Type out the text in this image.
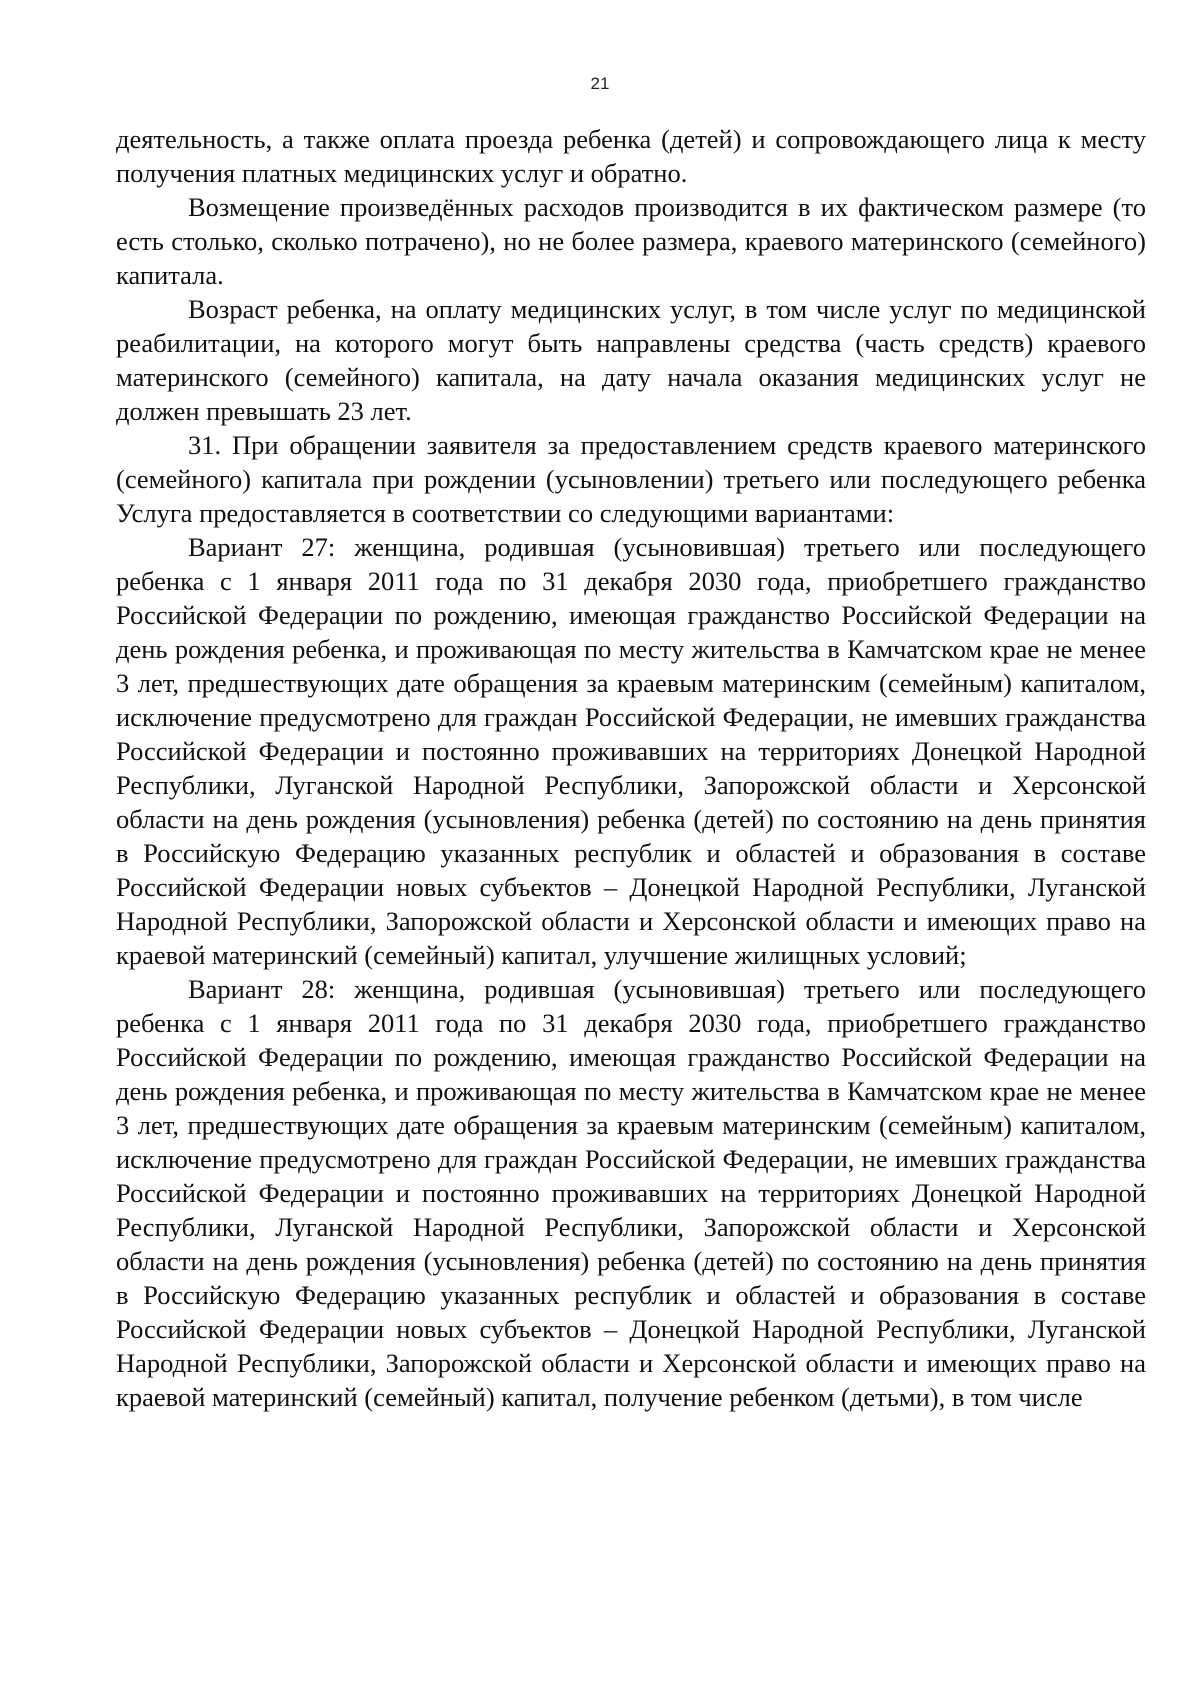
21

деятельность, а также оплата проезда ребенка (детей) и сопровождающего лица к месту получения платных медицинских услуг и обратно.

Возмещение произведённых расходов производится в их фактическом размере (то есть столько, сколько потрачено), но не более размера, краевого материнского (семейного) капитала.

Возраст ребенка, на оплату медицинских услуг, в том числе услуг по медицинской реабилитации, на которого могут быть направлены средства (часть средств) краевого материнского (семейного) капитала, на дату начала оказания медицинских услуг не должен превышать 23 лет.

31. При обращении заявителя за предоставлением средств краевого материнского (семейного) капитала при рождении (усыновлении) третьего или последующего ребенка Услуга предоставляется в соответствии со следующими вариантами:

Вариант 27: женщина, родившая (усыновившая) третьего или последующего ребенка с 1 января 2011 года по 31 декабря 2030 года, приобретшего гражданство Российской Федерации по рождению, имеющая гражданство Российской Федерации на день рождения ребенка, и проживающая по месту жительства в Камчатском крае не менее 3 лет, предшествующих дате обращения за краевым материнским (семейным) капиталом, исключение предусмотрено для граждан Российской Федерации, не имевших гражданства Российской Федерации и постоянно проживавших на территориях Донецкой Народной Республики, Луганской Народной Республики, Запорожской области и Херсонской области на день рождения (усыновления) ребенка (детей) по состоянию на день принятия в Российскую Федерацию указанных республик и областей и образования в составе Российской Федерации новых субъектов – Донецкой Народной Республики, Луганской Народной Республики, Запорожской области и Херсонской области и имеющих право на краевой материнский (семейный) капитал, улучшение жилищных условий;

Вариант 28: женщина, родившая (усыновившая) третьего или последующего ребенка с 1 января 2011 года по 31 декабря 2030 года, приобретшего гражданство Российской Федерации по рождению, имеющая гражданство Российской Федерации на день рождения ребенка, и проживающая по месту жительства в Камчатском крае не менее 3 лет, предшествующих дате обращения за краевым материнским (семейным) капиталом, исключение предусмотрено для граждан Российской Федерации, не имевших гражданства Российской Федерации и постоянно проживавших на территориях Донецкой Народной Республики, Луганской Народной Республики, Запорожской области и Херсонской области на день рождения (усыновления) ребенка (детей) по состоянию на день принятия в Российскую Федерацию указанных республик и областей и образования в составе Российской Федерации новых субъектов – Донецкой Народной Республики, Луганской Народной Республики, Запорожской области и Херсонской области и имеющих право на краевой материнский (семейный) капитал, получение ребенком (детьми), в том числе
